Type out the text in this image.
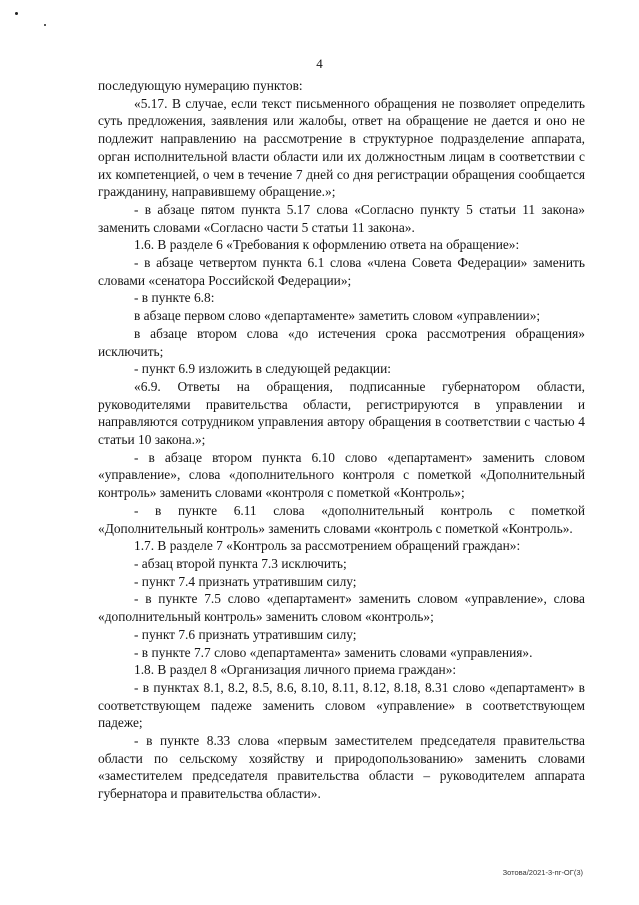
4

последующую нумерацию пунктов:

«5.17. В случае, если текст письменного обращения не позволяет определить суть предложения, заявления или жалобы, ответ на обращение не дается и оно не подлежит направлению на рассмотрение в структурное подразделение аппарата, орган исполнительной власти области или их должностным лицам в соответствии с их компетенцией, о чем в течение 7 дней со дня регистрации обращения сообщается гражданину, направившему обращение.»;

- в абзаце пятом пункта 5.17 слова «Согласно пункту 5 статьи 11 закона» заменить словами «Согласно части 5 статьи 11 закона».

1.6. В разделе 6 «Требования к оформлению ответа на обращение»:

- в абзаце четвертом пункта 6.1 слова «члена Совета Федерации» заменить словами «сенатора Российской Федерации»;

- в пункте 6.8:

в абзаце первом слово «департаменте» заметить словом «управлении»;

в абзаце втором слова «до истечения срока рассмотрения обращения» исключить;

- пункт 6.9 изложить в следующей редакции:

«6.9. Ответы на обращения, подписанные губернатором области, руководителями правительства области, регистрируются в управлении и направляются сотрудником управления автору обращения в соответствии с частью 4 статьи 10 закона.»;

- в абзаце втором пункта 6.10 слово «департамент» заменить словом «управление», слова «дополнительного контроля с пометкой «Дополнительный контроль» заменить словами «контроля с пометкой «Контроль»;

- в пункте 6.11 слова «дополнительный контроль с пометкой «Дополнительный контроль» заменить словами «контроль с пометкой «Контроль».

1.7. В разделе 7 «Контроль за рассмотрением обращений граждан»:

- абзац второй пункта 7.3 исключить;

- пункт 7.4 признать утратившим силу;

- в пункте 7.5 слово «департамент» заменить словом «управление», слова «дополнительный контроль» заменить словом «контроль»;

- пункт 7.6 признать утратившим силу;

- в пункте 7.7 слово «департамента» заменить словами «управления».

1.8. В раздел 8 «Организация личного приема граждан»:

- в пунктах 8.1, 8.2, 8.5, 8.6, 8.10, 8.11, 8.12, 8.18, 8.31 слово «департамент» в соответствующем падеже заменить словом «управление» в соответствующем падеже;

- в пункте 8.33 слова «первым заместителем председателя правительства области по сельскому хозяйству и природопользованию» заменить словами «заместителем председателя правительства области – руководителем аппарата губернатора и правительства области».

Зотова/2021-3-пг-ОГ(3)
